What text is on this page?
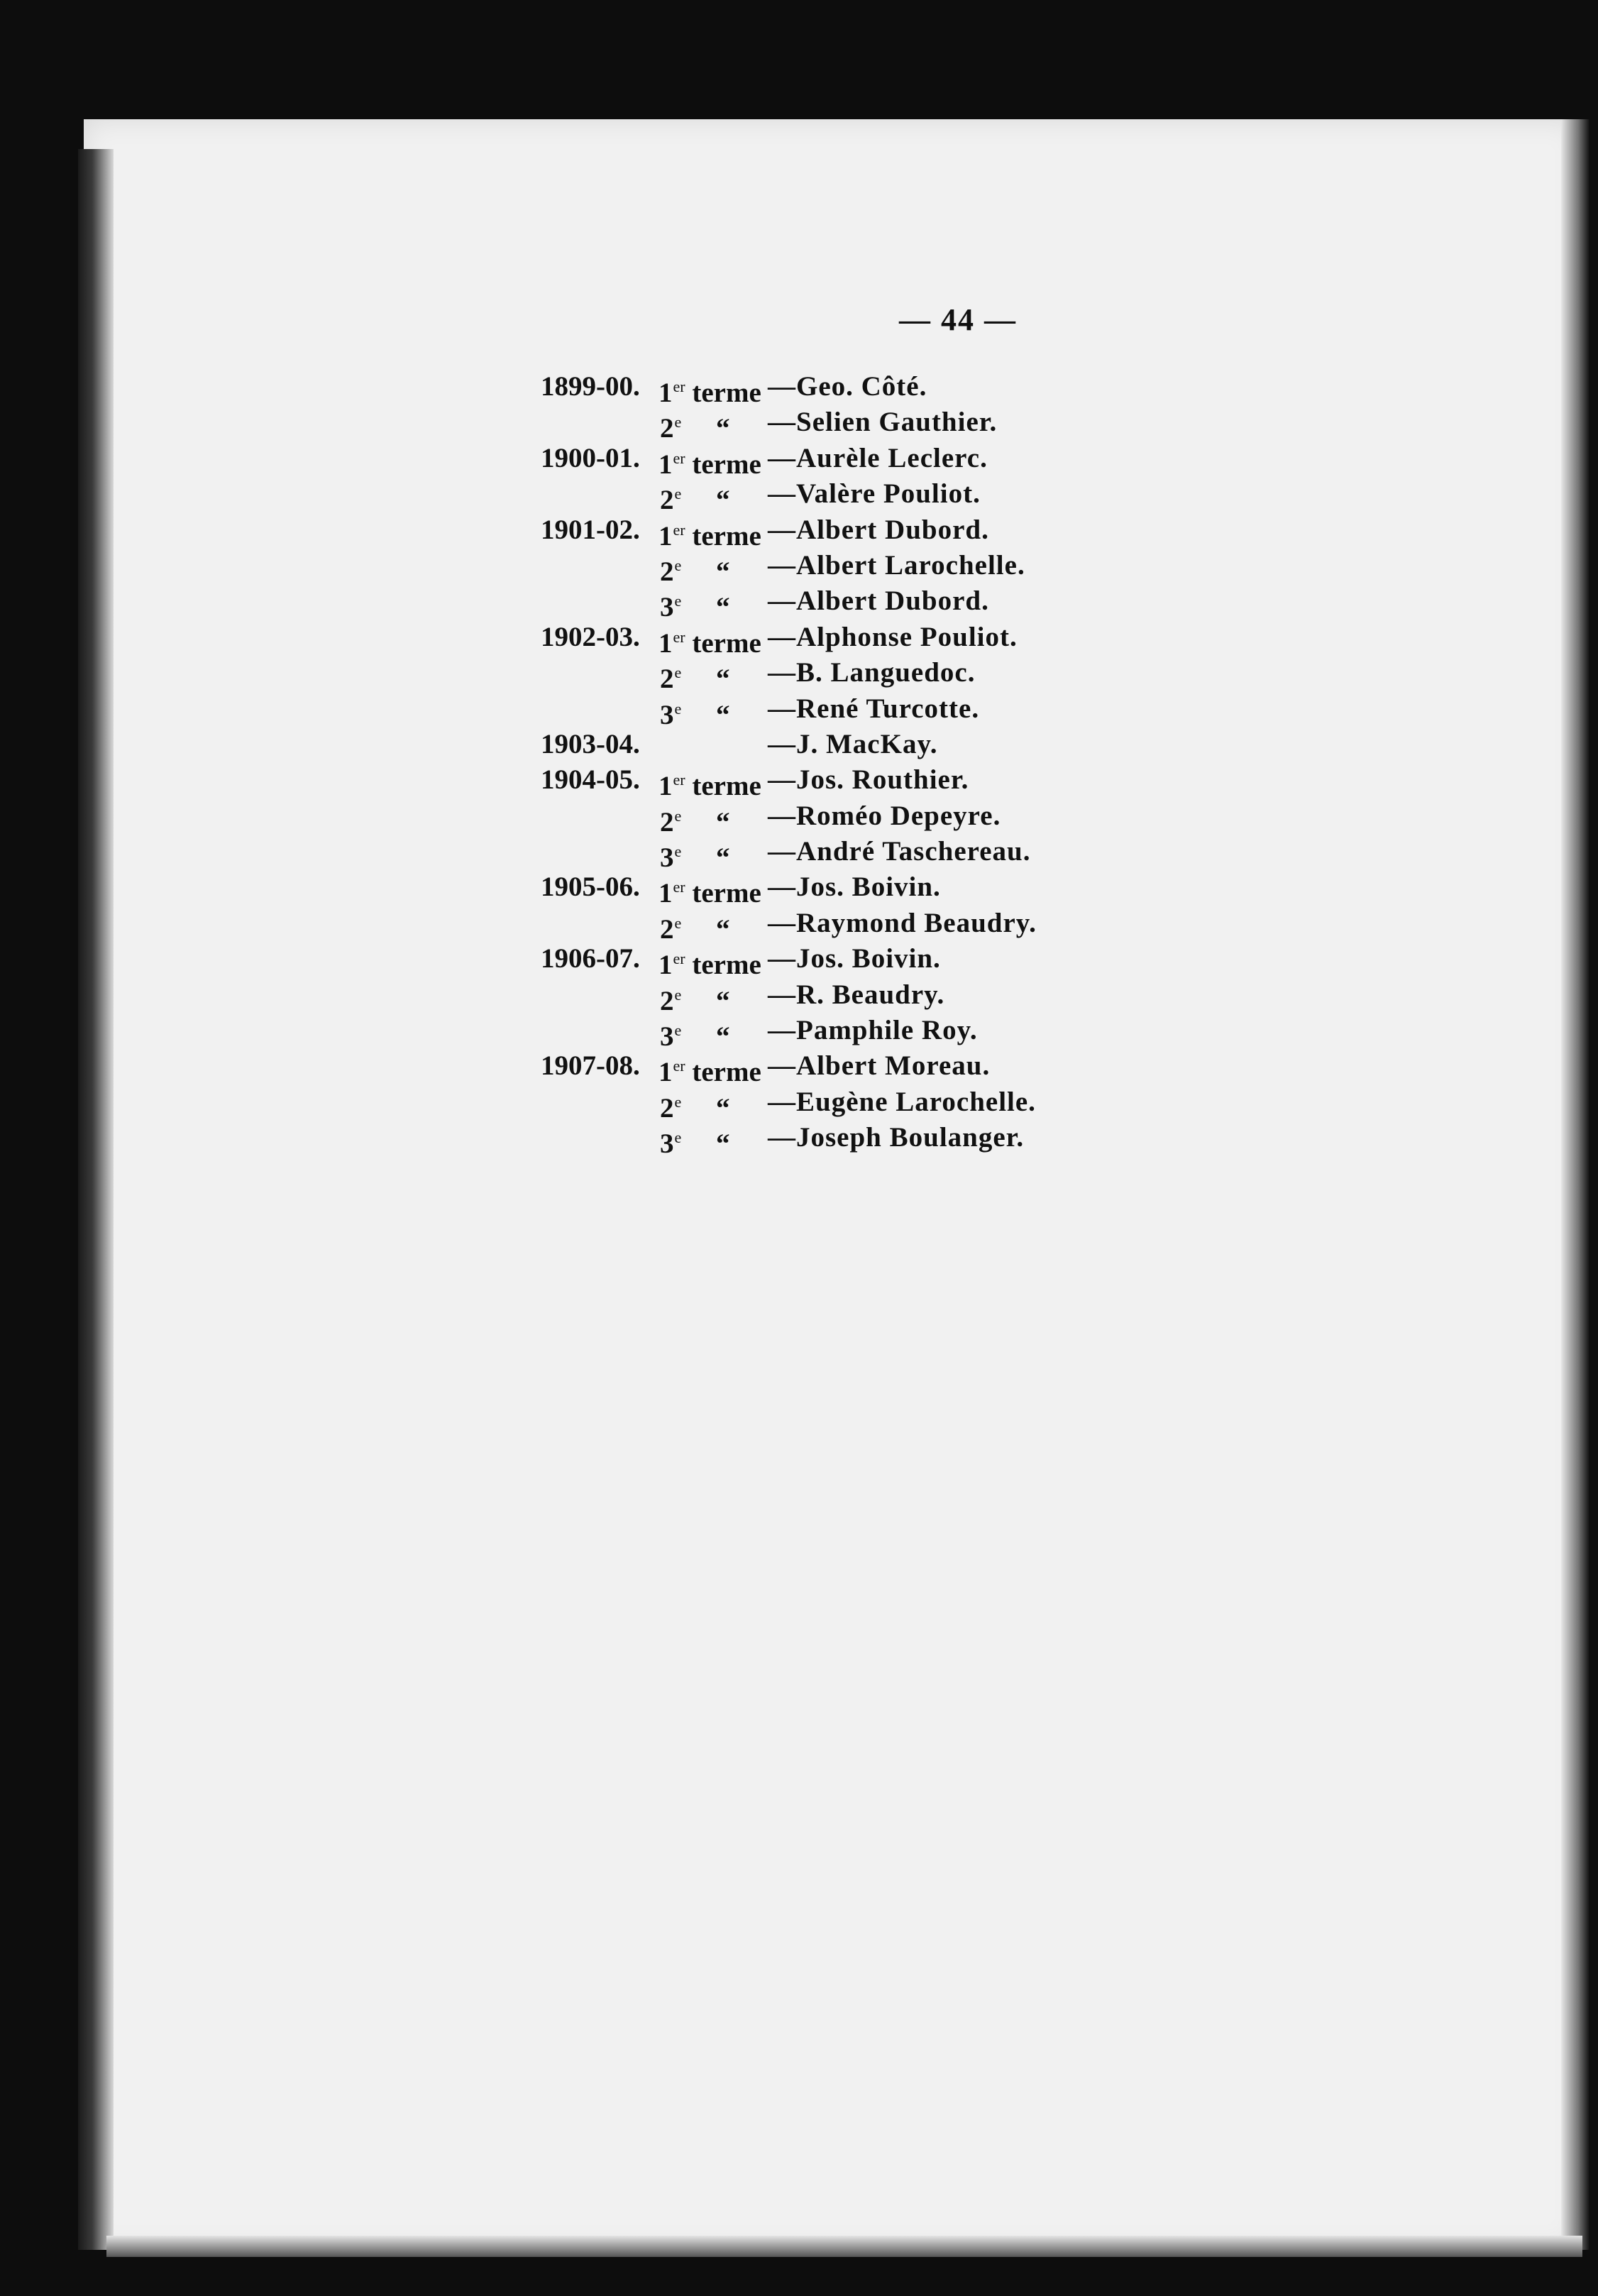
— 44 —
1899-00. 1er terme —Geo. Côté.
2e     “ —Selien Gauthier.
1900-01. 1er terme —Aurèle Leclerc.
2e     “ —Valère Pouliot.
1901-02. 1er terme —Albert Dubord.
2e     “ —Albert Larochelle.
3e     “ —Albert Dubord.
1902-03. 1er terme —Alphonse Pouliot.
2e     “ —B. Languedoc.
3e     “ —René Turcotte.
1903-04.	—J. MacKay.
1904-05. 1er terme —Jos. Routhier.
2e     “ —Roméo Depeyre.
3e     “ —André Taschereau.
1905-06. 1er terme —Jos. Boivin.
2e     “ —Raymond Beaudry.
1906-07. 1er terme —Jos. Boivin.
2e     “ —R. Beaudry.
3e     “ —Pamphile Roy.
1907-08. 1er terme —Albert Moreau.
2e     “ —Eugène Larochelle.
3e     “ —Joseph Boulanger.
